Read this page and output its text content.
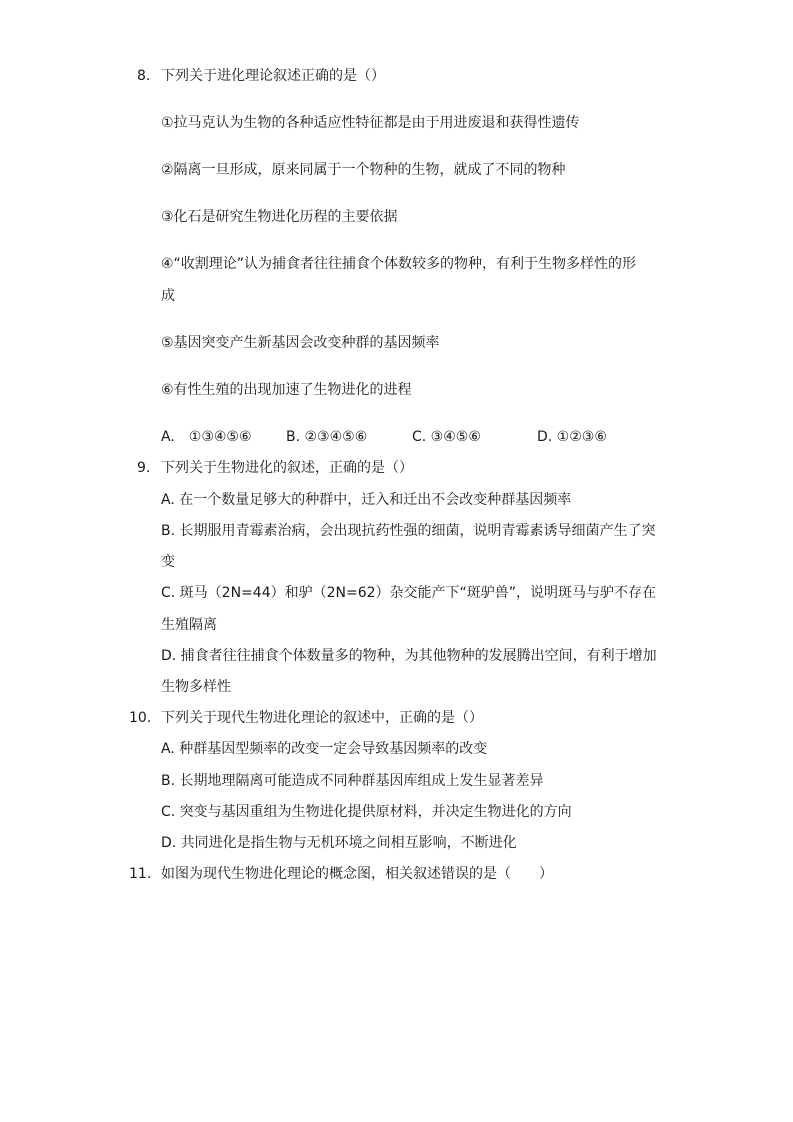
8. 下列关于进化理论叙述正确的是（）
①拉马克认为生物的各种适应性特征都是由于用进废退和获得性遗传
②隔离一旦形成，原来同属于一个物种的生物，就成了不同的物种
③化石是研究生物进化历程的主要依据
④“收割理论”认为捕食者往往捕食个体数较多的物种，有利于生物多样性的形
成
⑤基因突变产生新基因会改变种群的基因频率
⑥有性生殖的出现加速了生物进化的进程
A.　①③④⑤⑥ B. ②③④⑤⑥	C. ③④⑤⑥	D. ①②③⑥
9. 下列关于生物进化的叙述，正确的是（）
A. 在一个数量足够大的种群中，迁入和迁出不会改变种群基因频率
B. 长期服用青霉素治病，会出现抗药性强的细菌，说明青霉素诱导细菌产生了突
变
C. 斑马（2N=44）和驴（2N=62）杂交能产下“斑驴兽”，说明斑马与驴不存在
生殖隔离
D. 捕食者往往捕食个体数量多的物种，为其他物种的发展腾出空间，有利于增加
生物多样性
10. 下列关于现代生物进化理论的叙述中，正确的是（）
A. 种群基因型频率的改变一定会导致基因频率的改变
B. 长期地理隔离可能造成不同种群基因库组成上发生显著差异
C. 突变与基因重组为生物进化提供原材料，并决定生物进化的方向
D. 共同进化是指生物与无机环境之间相互影响，不断进化
11. 如图为现代生物进化理论的概念图，相关叙述错误的是（　　）
